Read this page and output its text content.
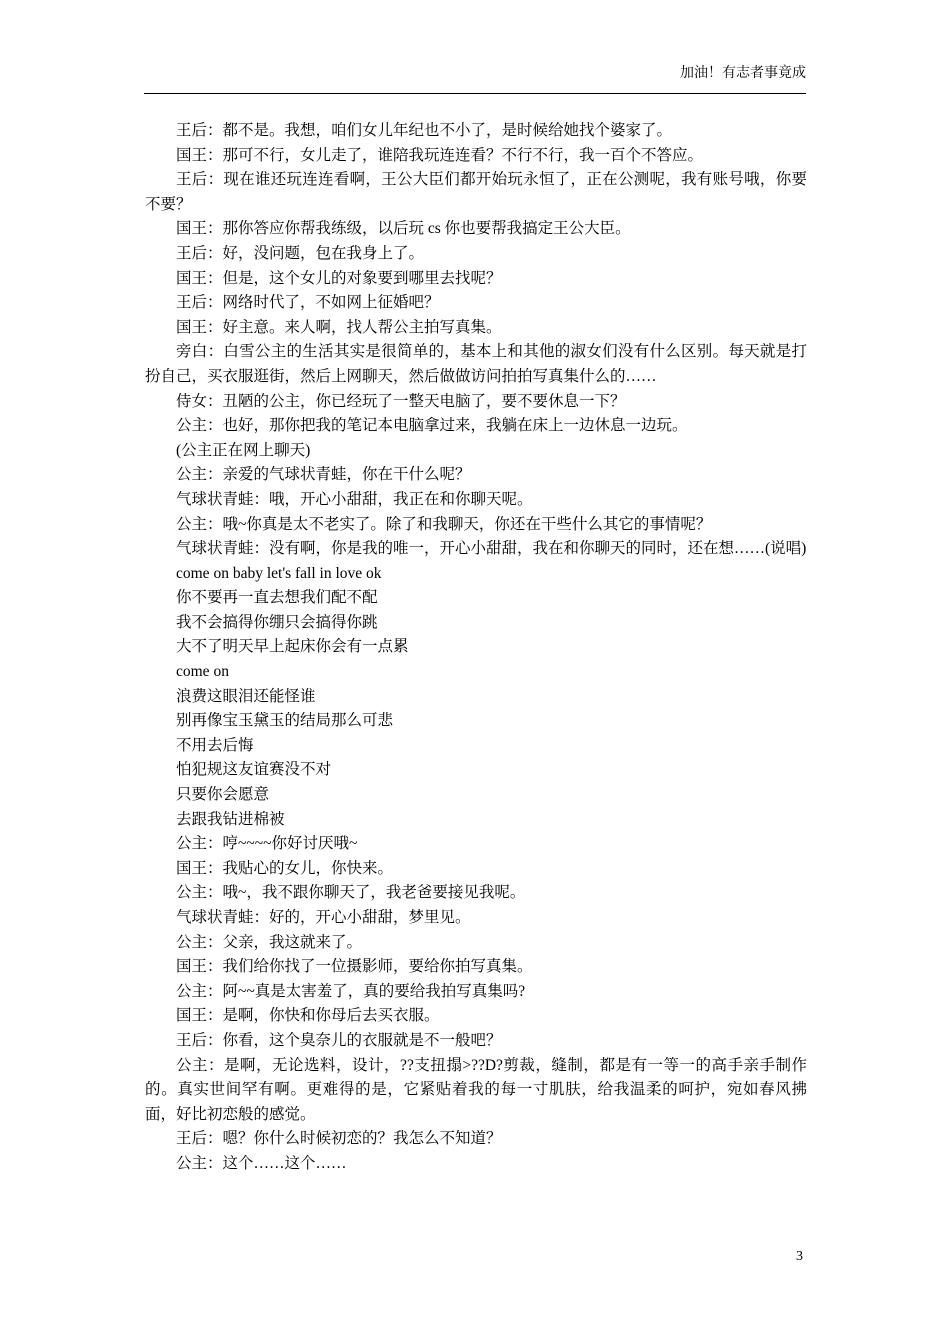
加油！有志者事竟成

王后：都不是。我想，咱们女儿年纪也不小了，是时候给她找个婆家了。

国王：那可不行，女儿走了，谁陪我玩连连看？不行不行，我一百个不答应。

王后：现在谁还玩连连看啊，王公大臣们都开始玩永恒了，正在公测呢，我有账号哦，你要不要？

国王：那你答应你帮我练级，以后玩 cs 你也要帮我搞定王公大臣。

王后：好，没问题，包在我身上了。

国王：但是，这个女儿的对象要到哪里去找呢？

王后：网络时代了，不如网上征婚吧？

国王：好主意。来人啊，找人帮公主拍写真集。

旁白：白雪公主的生活其实是很简单的，基本上和其他的淑女们没有什么区别。每天就是打扮自己，买衣服逛街，然后上网聊天，然后做做访问拍拍写真集什么的……

侍女：丑陋的公主，你已经玩了一整天电脑了，要不要休息一下？

公主：也好，那你把我的笔记本电脑拿过来，我躺在床上一边休息一边玩。

(公主正在网上聊天)

公主：亲爱的气球状青蛙，你在干什么呢？

气球状青蛙：哦，开心小甜甜，我正在和你聊天呢。

公主：哦~你真是太不老实了。除了和我聊天，你还在干些什么其它的事情呢？

气球状青蛙：没有啊，你是我的唯一，开心小甜甜，我在和你聊天的同时，还在想……(说唱)

come on baby let's fall in love ok

你不要再一直去想我们配不配

我不会搞得你绷只会搞得你跳

大不了明天早上起床你会有一点累

come on

浪费这眼泪还能怪谁

别再像宝玉黛玉的结局那么可悲

不用去后悔

怕犯规这友谊赛没不对

只要你会愿意

去跟我钻进棉被

公主：哼~~~~你好讨厌哦~

国王：我贴心的女儿，你快来。

公主：哦~，我不跟你聊天了，我老爸要接见我呢。

气球状青蛙：好的，开心小甜甜，梦里见。

公主：父亲，我这就来了。

国王：我们给你找了一位摄影师，要给你拍写真集。

公主：阿~~真是太害羞了，真的要给我拍写真集吗?

国王：是啊，你快和你母后去买衣服。

王后：你看，这个臭奈儿的衣服就是不一般吧？

公主：是啊，无论选料，设计，??支扭搨>??D?剪裁，缝制，都是有一等一的高手亲手制作的。真实世间罕有啊。更难得的是，它紧贴着我的每一寸肌肤，给我温柔的呵护，宛如春风拂面，好比初恋般的感觉。

王后：嗯？你什么时候初恋的？我怎么不知道？

公主：这个……这个……

3
